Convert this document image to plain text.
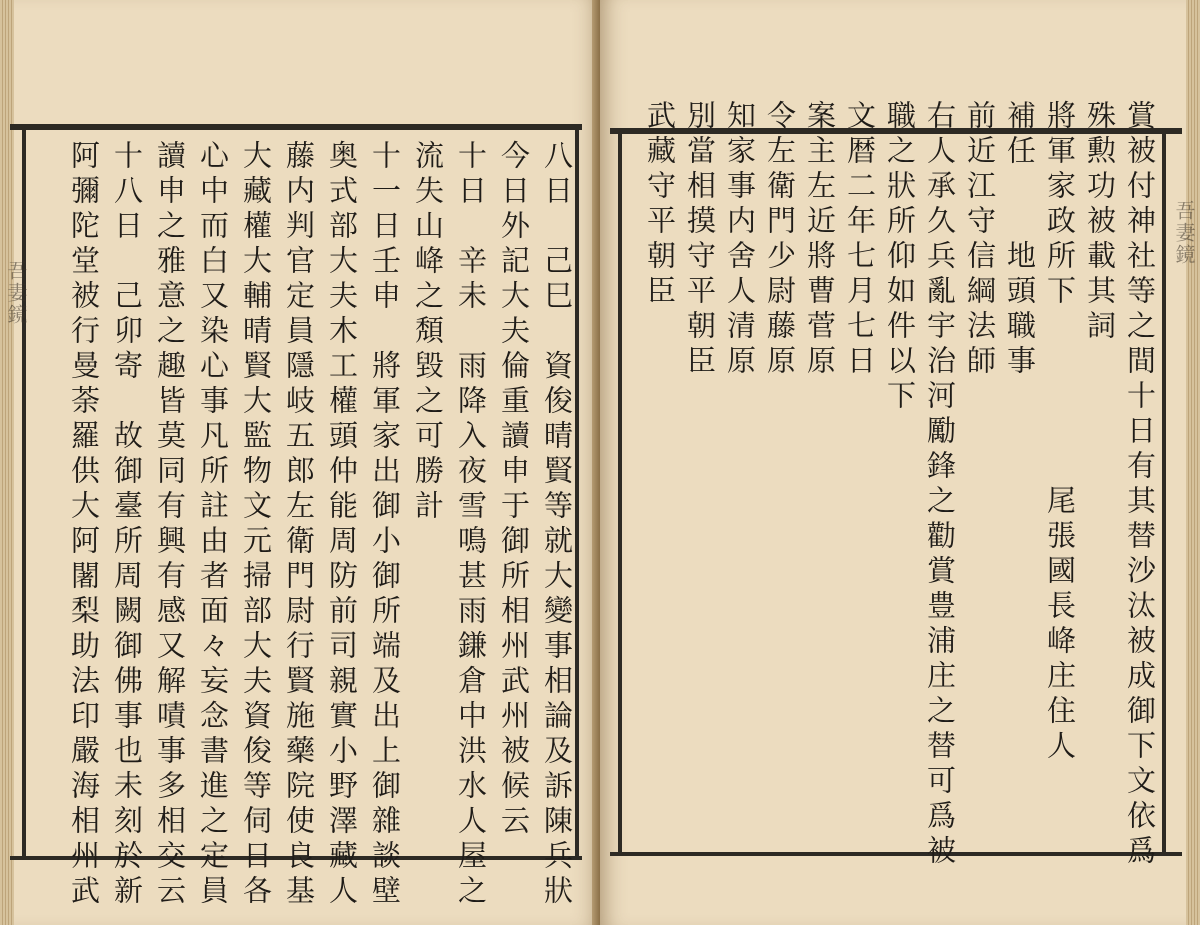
吾妻鏡	八日　己巳　資俊晴賢等就大變事相論及訴陳兵狀
今日外記大夫倫重讀申于御所相州武州被候云
十日　辛未　雨降入夜雪鳴甚雨鎌倉中洪水人屋之
流失山𡶶之頽毀之可勝計
十一日壬申　將軍家出御小御所端及出上御雜談壁
奥式部大夫木工權頭仲能周防前司親實小野澤藏人
藤内判官定員隱岐五郎左衛門尉行賢施藥院使良基
大藏權大輔晴賢大監物文元掃部大夫資俊等伺日各
心中而白又染心事凡所註由者面々妄念書進之定員
讀申之雅意之趣皆莫同有興有感又解嘖事多相交云
十八日　己卯寄　故御臺所周闕御佛事也未刻於新
阿彌陀堂被行曼荼羅供大阿闍梨助法印嚴海相州武	吾妻鏡
賞被付神社等之間十日有其替沙汰被成御下文依爲
殊勲功被載其詞
將軍家政所下　　　　　尾張國長𡶶庄住人
補任　　地頭職事
前近江守信綱法師
右人承久兵亂宇治河勵鋒之勸賞豊浦庄之替可爲被
職之狀所仰如件以下
文暦二年七月七日
案主左近將曹菅原
令左衛門少尉藤原
知家事内舍人清原
別當相摸守平朝臣
武藏守平朝臣
